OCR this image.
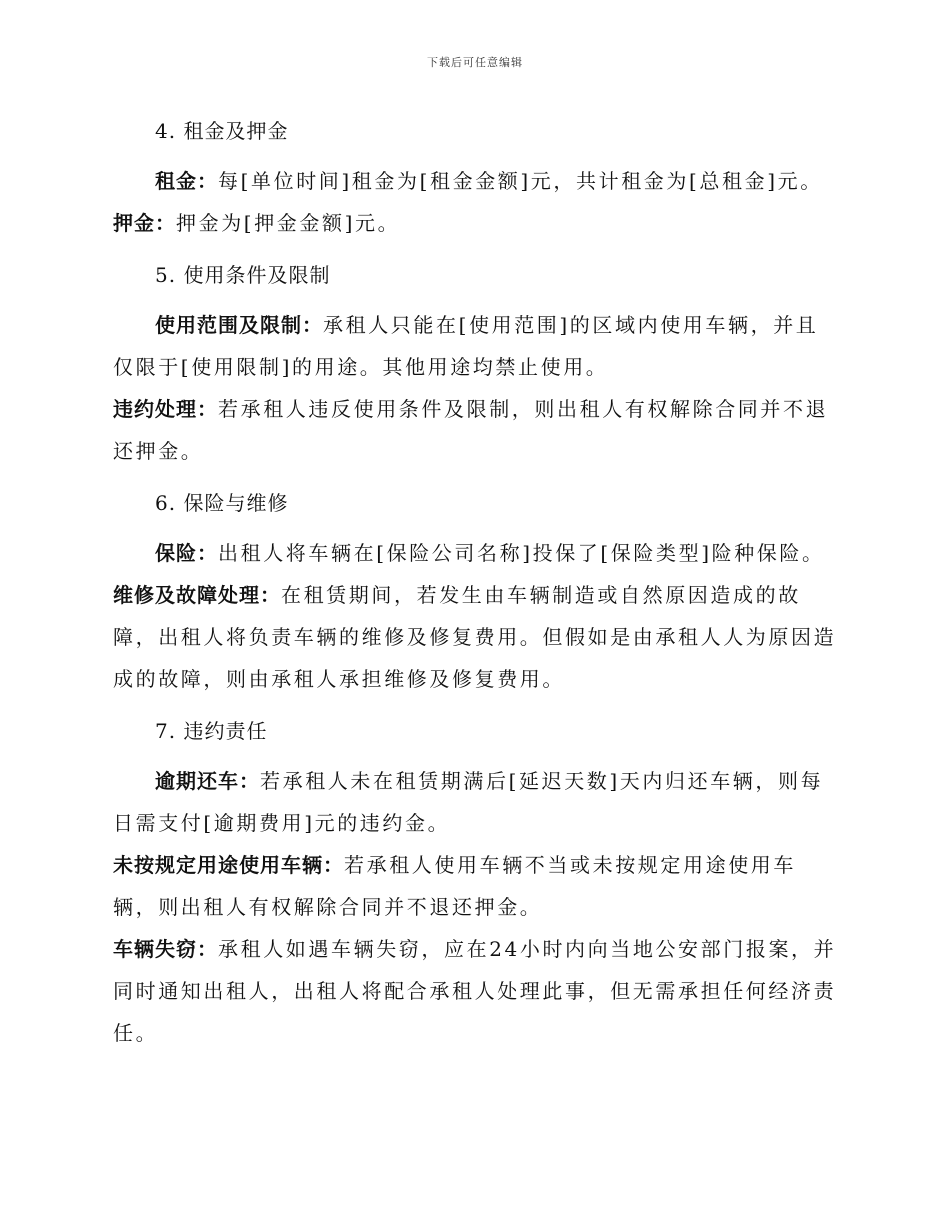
下载后可任意编辑
4. 租金及押金

租金：每[单位时间]租金为[租金金额]元，共计租金为[总租金]元。

押金：押金为[押金金额]元。

5. 使用条件及限制

使用范围及限制：承租人只能在[使用范围]的区域内使用车辆，并且仅限于[使用限制]的用途。其他用途均禁止使用。

违约处理：若承租人违反使用条件及限制，则出租人有权解除合同并不退还押金。

6. 保险与维修

保险：出租人将车辆在[保险公司名称]投保了[保险类型]险种保险。

维修及故障处理：在租赁期间，若发生由车辆制造或自然原因造成的故障，出租人将负责车辆的维修及修复费用。但假如是由承租人人为原因造成的故障，则由承租人承担维修及修复费用。

7. 违约责任

逾期还车：若承租人未在租赁期满后[延迟天数]天内归还车辆，则每日需支付[逾期费用]元的违约金。

未按规定用途使用车辆：若承租人使用车辆不当或未按规定用途使用车辆，则出租人有权解除合同并不退还押金。

车辆失窃：承租人如遇车辆失窃，应在24小时内向当地公安部门报案，并同时通知出租人，出租人将配合承租人处理此事，但无需承担任何经济责任。
